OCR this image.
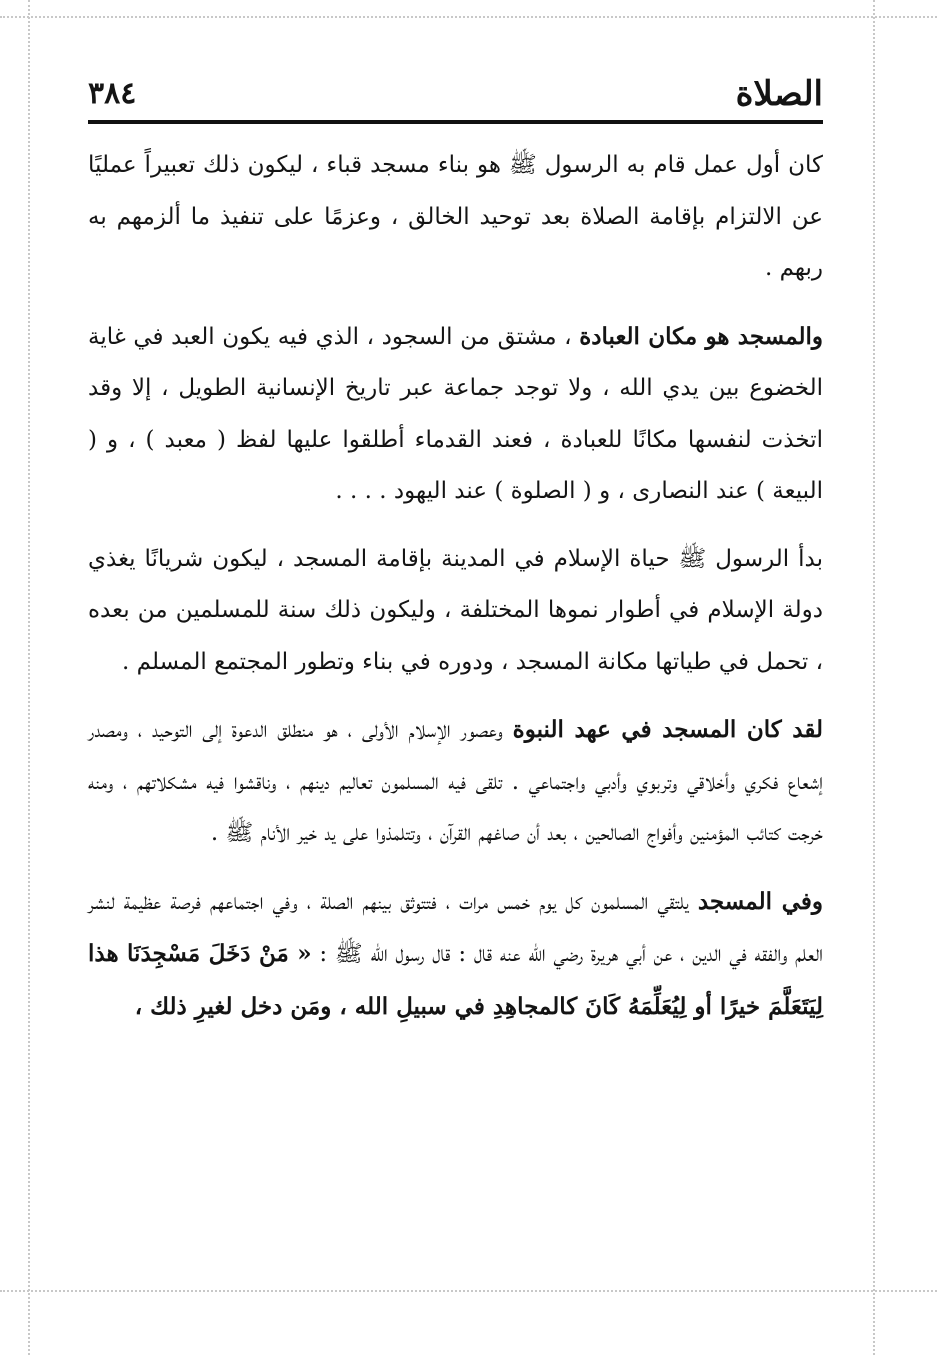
الصلاة
٣٨٤

كان أول عمل قام به الرسول ﷺ هو بناء مسجد قباء ، ليكون ذلك تعبيراً عمليًا عن الالتزام بإقامة الصلاة بعد توحيد الخالق ، وعزمًا على تنفيذ ما ألزمهم به ربهم .

والمسجد هو مكان العبادة ، مشتق من السجود ، الذي فيه يكون العبد في غاية الخضوع بين يدي الله ، ولا توجد جماعة عبر تاريخ الإنسانية الطويل ، إلا وقد اتخذت لنفسها مكانًا للعبادة ، فعند القدماء أطلقوا عليها لفظ ( معبد ) ، و ( البيعة ) عند النصارى ، و ( الصلوة ) عند اليهود . . . .

بدأ الرسول ﷺ حياة الإسلام في المدينة بإقامة المسجد ، ليكون شريانًا يغذي دولة الإسلام في أطوار نموها المختلفة ، وليكون ذلك سنة للمسلمين من بعده ، تحمل في طياتها مكانة المسجد ، ودوره في بناء وتطور المجتمع المسلم .

لقد كان المسجد في عهد النبوة وعصور الإسلام الأولى ، هو منطلق الدعوة إلى التوحيد ، ومصدر إشعاع فكري وأخلاقي وتربوي وأدبي واجتماعي . تلقى فيه المسلمون تعاليم دينهم ، وناقشوا فيه مشكلاتهم ، ومنه خرجت كتائب المؤمنين وأفواج الصالحين ، بعد أن صاغهم القرآن ، وتتلمذوا على يد خير الأنام ﷺ .

وفي المسجد يلتقي المسلمون كل يوم خمس مرات ، فتتوثق بينهم الصلة ، وفي اجتماعهم فرصة عظيمة لنشر العلم والفقه في الدين ، عن أبي هريرة رضي الله عنه قال : قال رسول الله ﷺ : « مَنْ دَخَلَ مَسْجِدَنَا هذا لِيَتَعَلَّمَ خيرًا أو لِيُعَلِّمَهُ كَانَ كالمجاهِدِ في سبيلِ الله ، ومَن دخل لغيرِ ذلك ،
